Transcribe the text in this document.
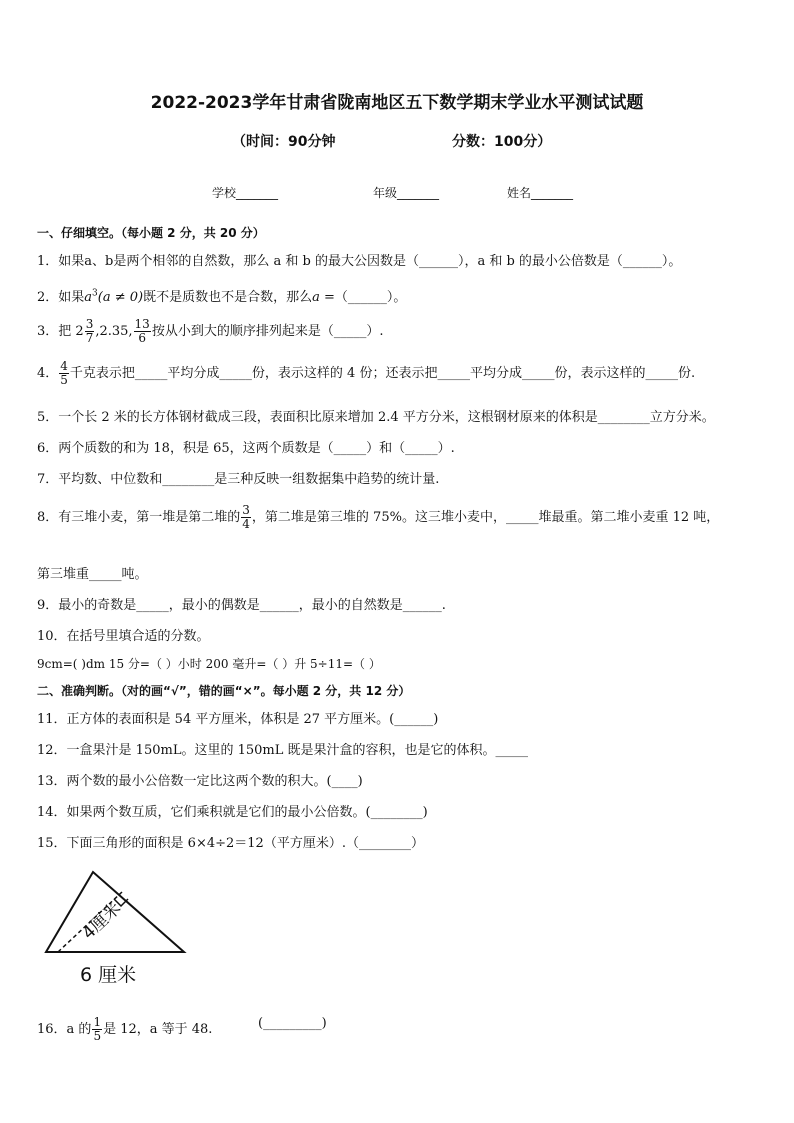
2022-2023学年甘肃省陇南地区五下数学期末学业水平测试试题
（时间：90分钟	分数：100分）
学校_______	年级_______	姓名_______
一、仔细填空。（每小题 2 分，共 20 分）
1．如果a、b是两个相邻的自然数，那么 a 和 b 的最大公因数是（______），a 和 b 的最小公倍数是（______）。
2．如果$a^3(a \ne 0)$既不是质数也不是合数，那么a =（______）。
3．把 $2 \frac{3}{7} ,2.35$, $\frac{13}{6}$ 按从小到大的顺序排列起来是（_____）.
4． $\frac{4}{5}$ 千克表示把_____平均分成_____份，表示这样的 4 份；还表示把_____平均分成_____份，表示这样的_____份.
5．一个长 2 米的长方体钢材截成三段，表面积比原来增加 2.4 平方分米，这根钢材原来的体积是________立方分米。
6．两个质数的和为 18，积是 65，这两个质数是（_____）和（_____）.
7．平均数、中位数和________是三种反映一组数据集中趋势的统计量.
8．有三堆小麦，第一堆是第二堆的 $\frac{3}{4}$ ，第二堆是第三堆的 75%。这三堆小麦中，_____堆最重。第二堆小麦重 12 吨，
第三堆重_____吨。
9．最小的奇数是_____，最小的偶数是______，最小的自然数是______.
10．在括号里填合适的分数。
9cm=( )dm 15 分=（ ）小时 200 毫升=（ ）升 5÷11=（ ）
二、准确判断。（对的画“√”，错的画“×”。每小题 2 分，共 12 分）
11．正方体的表面积是 54 平方厘米，体积是 27 平方厘米。(______)
12．一盒果汁是 150mL。这里的 150mL 既是果汁盒的容积，也是它的体积。_____
13．两个数的最小公倍数一定比这两个数的积大。(____)
14．如果两个数互质，它们乘积就是它们的最小公倍数。(________)
15．下面三角形的面积是 6×4÷2＝12（平方厘米）.（________）
4厘米
6 厘米
16．a 的 $\frac{1}{5}$ 是 12，a 等于 48.	(_________)
